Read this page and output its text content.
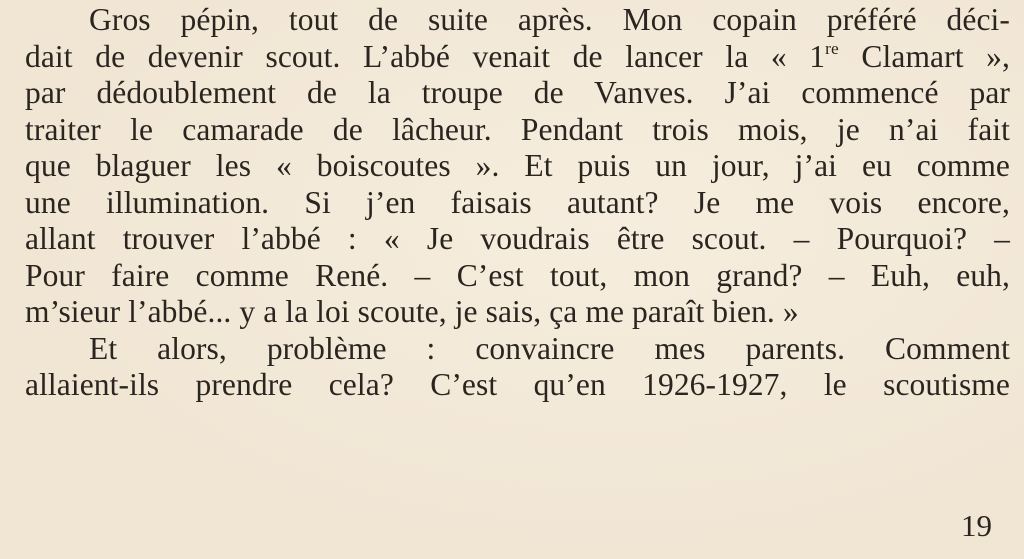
Gros pépin, tout de suite après. Mon copain préféré déci-
dait de devenir scout. L’abbé venait de lancer la « 1re Clamart »,
par dédoublement de la troupe de Vanves. J’ai commencé par
traiter le camarade de lâcheur. Pendant trois mois, je n’ai fait
que blaguer les « boiscoutes ». Et puis un jour, j’ai eu comme
une illumination. Si j’en faisais autant? Je me vois encore,
allant trouver l’abbé : « Je voudrais être scout. – Pourquoi? –
Pour faire comme René. – C’est tout, mon grand? – Euh, euh,
m’sieur l’abbé... y a la loi scoute, je sais, ça me paraît bien. »
Et alors, problème : convaincre mes parents. Comment
allaient-ils prendre cela? C’est qu’en 1926-1927, le scoutisme
19
